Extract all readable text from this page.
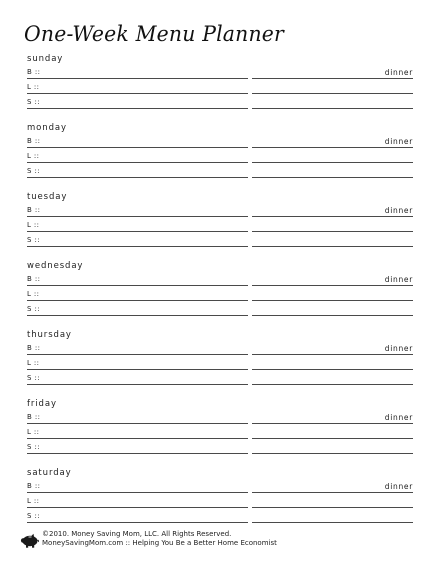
One-Week Menu Planner
sunday
B ::	dinner
L ::
S ::
monday
B ::	dinner
L ::
S ::
tuesday
B ::	dinner
L ::
S ::
wednesday
B ::	dinner
L ::
S ::
thursday
B ::	dinner
L ::
S ::
friday
B ::	dinner
L ::
S ::
saturday
B ::	dinner
L ::
S ::
©2010. Money Saving Mom, LLC. All Rights Reserved.
MoneySavingMom.com :: Helping You Be a Better Home Economist
